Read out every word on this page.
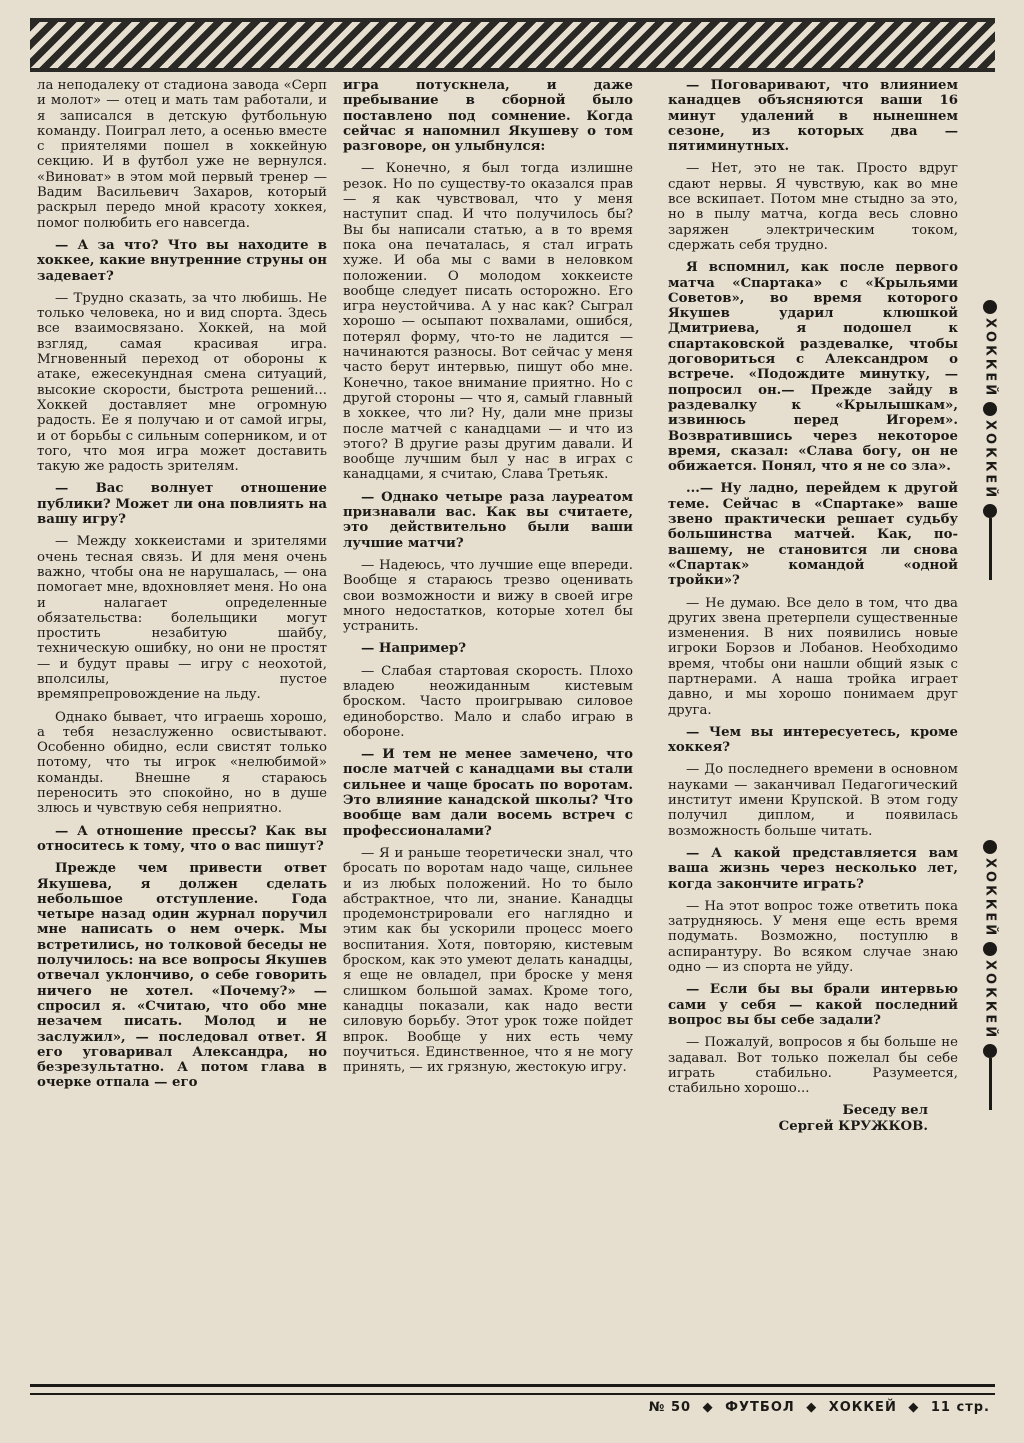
ла неподалеку от стадиона завода «Серп и молот» — отец и мать там работали, и я записался в детскую футбольную команду. Поиграл лето, а осенью вместе с приятелями пошел в хоккейную секцию. И в футбол уже не вернулся. «Виноват» в этом мой первый тренер — Вадим Васильевич Захаров, который раскрыл передо мной красоту хоккея, помог полюбить его навсегда.

— А за что? Что вы находите в хоккее, какие внутренние струны он задевает?

— Трудно сказать, за что любишь. Не только человека, но и вид спорта. Здесь все взаимосвязано. Хоккей, на мой взгляд, самая красивая игра. Мгновенный переход от обороны к атаке, ежесекундная смена ситуаций, высокие скорости, быстрота решений... Хоккей доставляет мне огромную радость. Ее я получаю и от самой игры, и от борьбы с сильным соперником, и от того, что моя игра может доставить такую же радость зрителям.

— Вас волнует отношение публики? Может ли она повлиять на вашу игру?

— Между хоккеистами и зрителями очень тесная связь. И для меня очень важно, чтобы она не нарушалась, — она помогает мне, вдохновляет меня. Но она и налагает определенные обязательства: болельщики могут простить незабитую шайбу, техническую ошибку, но они не простят — и будут правы — игру с неохотой, вполсилы, пустое времяпрепровождение на льду.

Однако бывает, что играешь хорошо, а тебя незаслуженно освистывают. Особенно обидно, если свистят только потому, что ты игрок «нелюбимой» команды. Внешне я стараюсь переносить это спокойно, но в душе злюсь и чувствую себя неприятно.

— А отношение прессы? Как вы относитесь к тому, что о вас пишут?

Прежде чем привести ответ Якушева, я должен сделать небольшое отступление. Года четыре назад один журнал поручил мне написать о нем очерк. Мы встретились, но толковой беседы не получилось: на все вопросы Якушев отвечал уклончиво, о себе говорить ничего не хотел. «Почему?» — спросил я. «Считаю, что обо мне незачем писать. Молод и не заслужил», — последовал ответ. Я его уговаривал Александра, но безрезультатно. А потом глава в очерке отпала — его

игра потускнела, и даже пребывание в сборной было поставлено под сомнение. Когда сейчас я напомнил Якушеву о том разговоре, он улыбнулся:

— Конечно, я был тогда излишне резок. Но по существу-то оказался прав — я как чувствовал, что у меня наступит спад. И что получилось бы? Вы бы написали статью, а в то время пока она печаталась, я стал играть хуже. И оба мы с вами в неловком положении. О молодом хоккеисте вообще следует писать осторожно. Его игра неустойчива. А у нас как? Сыграл хорошо — осыпают похвалами, ошибся, потерял форму, что-то не ладится — начинаются разносы. Вот сейчас у меня часто берут интервью, пишут обо мне. Конечно, такое внимание приятно. Но с другой стороны — что я, самый главный в хоккее, что ли? Ну, дали мне призы после матчей с канадцами — и что из этого? В другие разы другим давали. И вообще лучшим был у нас в играх с канадцами, я считаю, Слава Третьяк.

— Однако четыре раза лауреатом признавали вас. Как вы считаете, это действительно были ваши лучшие матчи?

— Надеюсь, что лучшие еще впереди. Вообще я стараюсь трезво оценивать свои возможности и вижу в своей игре много недостатков, которые хотел бы устранить.

— Например?

— Слабая стартовая скорость. Плохо владею неожиданным кистевым броском. Часто проигрываю силовое единоборство. Мало и слабо играю в обороне.

— И тем не менее замечено, что после матчей с канадцами вы стали сильнее и чаще бросать по воротам. Это влияние канадской школы? Что вообще вам дали восемь встреч с профессионалами?

— Я и раньше теоретически знал, что бросать по воротам надо чаще, сильнее и из любых положений. Но то было абстрактное, что ли, знание. Канадцы продемонстрировали его наглядно и этим как бы ускорили процесс моего воспитания. Хотя, повторяю, кистевым броском, как это умеют делать канадцы, я еще не овладел, при броске у меня слишком большой замах. Кроме того, канадцы показали, как надо вести силовую борьбу. Этот урок тоже пойдет впрок. Вообще у них есть чему поучиться. Единственное, что я не могу принять, — их грязную, жестокую игру.

— Поговаривают, что влиянием канадцев объясняются ваши 16 минут удалений в нынешнем сезоне, из которых два — пятиминутных.

— Нет, это не так. Просто вдруг сдают нервы. Я чувствую, как во мне все вскипает. Потом мне стыдно за это, но в пылу матча, когда весь словно заряжен электрическим током, сдержать себя трудно.

Я вспомнил, как после первого матча «Спартака» с «Крыльями Советов», во время которого Якушев ударил клюшкой Дмитриева, я подошел к спартаковской раздевалке, чтобы договориться с Александром о встрече. «Подождите минутку, — попросил он.— Прежде зайду в раздевалку к «Крылышкам», извинюсь перед Игорем». Возвратившись через некоторое время, сказал: «Слава богу, он не обижается. Понял, что я не со зла».

...— Ну ладно, перейдем к другой теме. Сейчас в «Спартаке» ваше звено практически решает судьбу большинства матчей. Как, по-вашему, не становится ли снова «Спартак» командой «одной тройки»?

— Не думаю. Все дело в том, что два других звена претерпели существенные изменения. В них появились новые игроки Борзов и Лобанов. Необходимо время, чтобы они нашли общий язык с партнерами. А наша тройка играет давно, и мы хорошо понимаем друг друга.

— Чем вы интересуетесь, кроме хоккея?

— До последнего времени в основном науками — заканчивал Педагогический институт имени Крупской. В этом году получил диплом, и появилась возможность больше читать.

— А какой представляется вам ваша жизнь через несколько лет, когда закончите играть?

— На этот вопрос тоже ответить пока затрудняюсь. У меня еще есть время подумать. Возможно, поступлю в аспирантуру. Во всяком случае знаю одно — из спорта не уйду.

— Если бы вы брали интервью сами у себя — какой последний вопрос вы бы себе задали?

— Пожалуй, вопросов я бы больше не задавал. Вот только пожелал бы себе играть стабильно. Разумеется, стабильно хорошо...

Беседу вел
Сергей КРУЖКОВ.

ХОККЕЙ
ХОККЕЙ
ХОККЕЙ
ХОККЕЙ
№ 50 ◆ ФУТБОЛ ◆ ХОККЕЙ ◆ 11 стр.
